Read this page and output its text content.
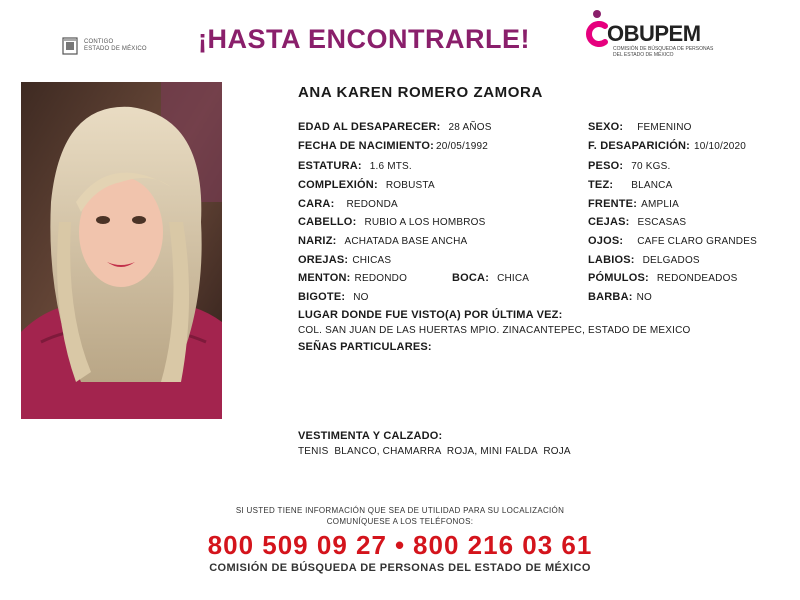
CONTIGO
ESTADO DE MÉXICO ¡HASTA ENCONTRARLE!	OBUPEM
COMISIÓN DE BÚSQUEDA DE PERSONAS DEL ESTADO DE MÉXICO
ANA KAREN ROMERO ZAMORA
EDAD AL DESAPARECER: 28 AÑOS
FECHA DE NACIMIENTO: 20/05/1992
ESTATURA: 1.6 MTS.
COMPLEXIÓN: ROBUSTA
CARA: REDONDA
CABELLO: RUBIO A LOS HOMBROS
NARIZ: ACHATADA BASE ANCHA
OREJAS: CHICAS
MENTON: REDONDO	BOCA: CHICA
BIGOTE: NO
SEXO: FEMENINO
F. DESAPARICIÓN: 10/10/2020
PESO: 70 KGS.
TEZ: BLANCA
FRENTE: AMPLIA
CEJAS: ESCASAS
OJOS: CAFE CLARO GRANDES
LABIOS: DELGADOS
PÓMULOS: REDONDEADOS
BARBA: NO
LUGAR DONDE FUE VISTO(A) POR ÚLTIMA VEZ:
COL. SAN JUAN DE LAS HUERTAS MPIO. ZINACANTEPEC, ESTADO DE MEXICO
SEÑAS PARTICULARES:
VESTIMENTA Y CALZADO:
TENIS  BLANCO, CHAMARRA  ROJA, MINI FALDA  ROJA
SI USTED TIENE INFORMACIÓN QUE SEA DE UTILIDAD PARA SU LOCALIZACIÓN
COMUNÍQUESE A LOS TELÉFONOS:
800 509 09 27 • 800 216 03 61
COMISIÓN DE BÚSQUEDA DE PERSONAS DEL ESTADO DE MÉXICO
